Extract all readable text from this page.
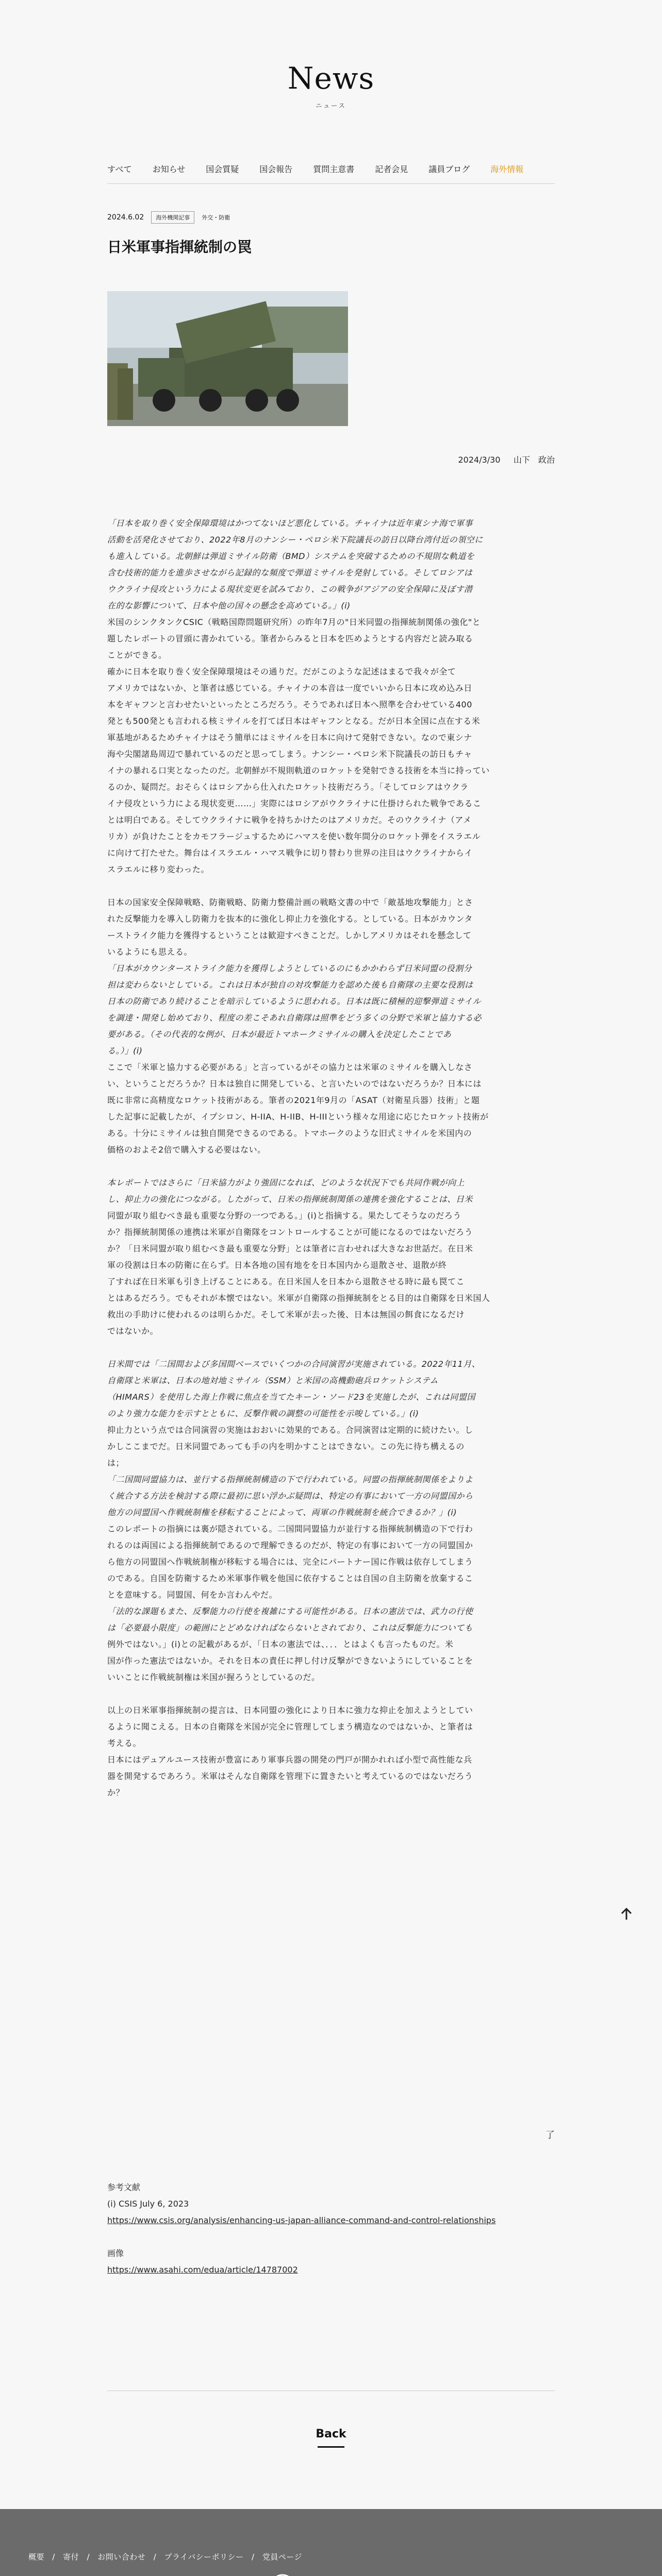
News
ニュース
すべて	お知らせ	国会質疑	国会報告	質問主意書	記者会見	議員ブログ	海外情報
2024.6.02	海外機関記事	外交・防衛
日米軍事指揮統制の罠
2024/3/30 山下　政治
「日本を取り巻く安全保障環境はかつてないほど悪化している。チャイナは近年東シナ海で軍事
活動を活発化させており、2022年8月のナンシー・ペロシ米下院議長の訪日以降台湾付近の領空に
も進入している。北朝鮮は弾道ミサイル防衛（BMD）システムを突破するための不規則な軌道を
含む技術的能力を進歩させながら記録的な頻度で弾道ミサイルを発射している。そしてロシアは
ウクライナ侵攻という力による現状変更を試みており、この戦争がアジアの安全保障に及ぼす潜
在的な影響について、日本や他の国々の懸念を高めている。」(i)
米国のシンクタンクCSIC（戦略国際問題研究所）の昨年7月の"日米同盟の指揮統制関係の強化"と
題したレポートの冒頭に書かれている。筆者からみると日本を匹めようとする内容だと読み取る
ことができる。
確かに日本を取り巻く安全保障環境はその通りだ。だがこのような記述はまるで我々が全て
アメリカではないか、と筆者は感じている。チャイナの本音は一度でいいから日本に攻め込み日
本をギャフンと言わせたいといったところだろう。そうであれば日本へ照準を合わせている400
発とも500発とも言われる核ミサイルを打てば日本はギャフンとなる。だが日本全国に点在する米
軍基地があるためチャイナはそう簡単にはミサイルを日本に向けて発射できない。なので東シナ
海や尖閣諸島周辺で暴れているのだと思ってしまう。ナンシー・ペロシ米下院議長の訪日もチャ
イナの暴れる口実となったのだ。北朝鮮が不規則軌道のロケットを発射できる技術を本当に持ってい
るのか、疑問だ。おそらくはロシアから仕入れたロケット技術だろう。「そしてロシアはウクラ
イナ侵攻という力による現状変更……」実際にはロシアがウクライナに仕掛けられた戦争であるこ
とは明白である。そしてウクライナに戦争を持ちかけたのはアメリカだ。そのウクライナ（アメ
リカ）が負けたことをカモフラージュするためにハマスを使い数年間分のロケット弾をイスラエル
に向けて打たせた。舞台はイスラエル・ハマス戦争に切り替わり世界の注目はウクライナからイ
スラエルに移り変わった。
日本の国家安全保障戦略、防衛戦略、防衛力整備計画の戦略文書の中で「敵基地攻撃能力」とさ
れた反撃能力を導入し防衛力を抜本的に強化し抑止力を強化する。としている。日本がカウンタ
ーストライク能力を獲得するということは歓迎すべきことだ。しかしアメリカはそれを懸念して
いるようにも思える。
「日本がカウンターストライク能力を獲得しようとしているのにもかかわらず日米同盟の役割分
担は変わらないとしている。これは日本が独自の対攻撃能力を認めた後も自衛隊の主要な役割は
日本の防衛であり続けることを暗示しているように思われる。日本は既に積極的迎撃弾道ミサイル
を調達・開発し始めており、程度の差こそあれ自衛隊は照準をどう多くの分野で米軍と協力する必
要がある。（その代表的な例が、日本が最近トマホークミサイルの購入を決定したことであ
る。）」(i)
ここで「米軍と協力する必要がある」と言っているがその協力とは米軍のミサイルを購入しなさ
い、ということだろうか？日本は独自に開発している、と言いたいのではないだろうか？日本には
既に非常に高精度なロケット技術がある。筆者の2021年9月の「ASAT（対衛星兵器）技術」と題
した記事に記載したが、イプシロン、H-IIA、H-IIB、H-IIIという様々な用途に応じたロケット技術が
ある。十分にミサイルは独自開発できるのである。トマホークのような旧式ミサイルを米国内の
価格のおよそ2倍で購入する必要はない。
本レポートではさらに「日米協力がより強固になれば、どのような状況下でも共同作戦が向上
し、抑止力の強化につながる。したがって、日米の指揮統制関係の連携を強化することは、日米
同盟が取り組むべき最も重要な分野の一つである。」(i)と指摘する。果たしてそうなのだろう
か？指揮統制関係の連携は米軍が自衛隊をコントロールすることが可能になるのではないだろう
か？「日米同盟が取り組むべき最も重要な分野」とは筆者に言わせれば大きなお世話だ。在日米
軍の役割は日本の防衛に在らず。日本各地の国有地をを日本国内から退散させ、退散が終
了すれば在日米軍も引き上げることにある。在日米国人を日本から退散させる時に最も罠てこ
とはあるだろう。でもそれが本懐ではない。米軍が自衛隊の指揮統制をとる目的は自衛隊を日米国人
救出の手助けに使われるのは明らかだ。そして米軍が去った後、日本は無国の餌食になるだけ
ではないか。
日米間では「二国間および多国間ベースでいくつかの合同演習が実施されている。2022年11月、
自衛隊と米軍は、日本の地対地ミサイル（SSM）と米国の高機動砲兵ロケットシステム
（HIMARS）を使用した海上作戦に焦点を当てたキーン・ソード23を実施したが、これは同盟国
のより強力な能力を示すとともに、反撃作戦の調整の可能性を示唆している。」(i)
抑止力という点では合同演習の実施はおおいに効果的である。合同演習は定期的に続けたい。し
かしここまでだ。日米同盟であっても手の内を明かすことはできない。この先に待ち構えるの
は；
「二国間同盟協力は、並行する指揮統制構造の下で行われている。同盟の指揮統制関係をよりよ
く統合する方法を検討する際に最初に思い浮かぶ疑問は、特定の有事において一方の同盟国から
他方の同盟国へ作戦統制権を移転することによって、両軍の作戦統制を統合できるか？」(i)
このレポートの指摘には裏が隠されている。二国間同盟協力が並行する指揮統制構造の下で行わ
れるのは両国による指揮統制であるので理解できるのだが、特定の有事において一方の同盟国か
ら他方の同盟国へ作戦統制権が移転する場合には、完全にパートナー国に作戦は依存してしまう
のである。自国を防衛するため米軍事作戦を他国に依存することは自国の自主防衛を放棄するこ
とを意味する。同盟国、何をか言わんやだ。
「法的な課題もまた、反撃能力の行使を複雑にする可能性がある。日本の憲法では、武力の行使
は「必要最小限度」の範囲にとどめなければならないとされており、これは反撃能力についても
例外ではない。」(i)との記載があるが、「日本の憲法では、．．．とはよくも言ったものだ。米
国が作った憲法ではないか。それを日本の責任に押し付け反撃ができないようにしていることを
いいことに作戦統制権は米国が握ろうとしているのだ。
以上の日米軍事指揮統制の提言は、日本同盟の強化により日本に強力な抑止を加えようとしてい
るように聞こえる。日本の自衛隊を米国が完全に管理してしまう構造なのではないか、と筆者は
考える。
日本にはデュアルユース技術が豊富にあり軍事兵器の開発の門戸が開かれれば小型で高性能な兵
器を開発するであろう。米軍はそんな自衛隊を管理下に置きたいと考えているのではないだろう
か？
了
参考文献
(i) CSIS July 6, 2023
https://www.csis.org/analysis/enhancing-us-japan-alliance-command-and-control-relationships
画像
https://www.asahi.com/edua/article/14787002
Back
概要 / 寄付 / お問い合わせ / プライバシーポリシー / 党員ページ
